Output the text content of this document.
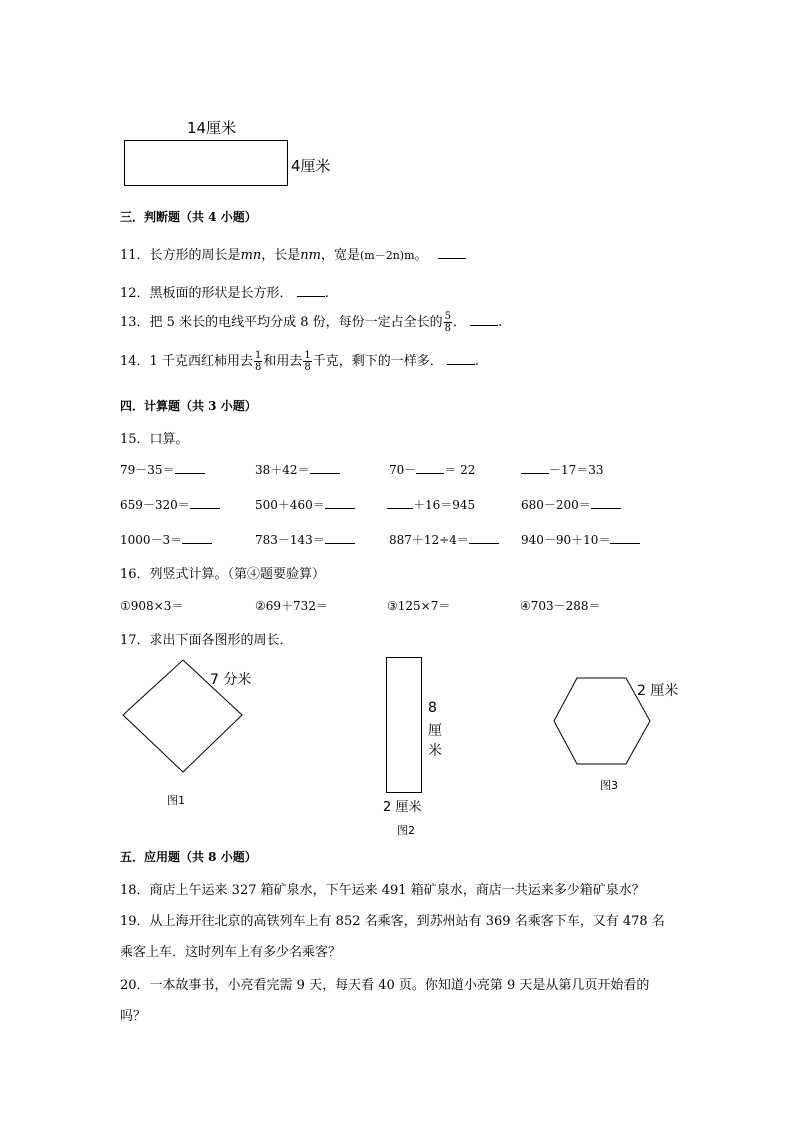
14厘米
4厘米
三．判断题（共 4 小题）
11．长方形的周长是mn，长是nm，宽是(m－2n)m。
12．黑板面的形状是长方形． .
13．把 5 米长的电线平均分成 8 份，每份一定占全长的 $\frac{5}{8}$ ． .
14．1 千克西红柿用去 $\frac{1}{8}$ 和用去 $\frac{1}{8}$ 千克，剩下的一样多． .
四．计算题（共 3 小题）
15．口算。
79－35＝	38＋42＝	70－ ＝ 22	－17＝33
659－320＝	500＋460＝	＋16＝945	680－200＝
1000－3＝	783－143＝	887＋12÷4＝	940－90＋10＝
16．列竖式计算。（第④题要验算）
①908×3＝	②69＋732＝	③125×7＝	④703－288＝
17．求出下面各图形的周长．
7 分米
图1
8
厘
米
2 厘米
图2
2 厘米
图3
五．应用题（共 8 小题）
18．商店上午运来 327 箱矿泉水，下午运来 491 箱矿泉水，商店一共运来多少箱矿泉水？
19．从上海开往北京的高铁列车上有 852 名乘客，到苏州站有 369 名乘客下车，又有 478 名
乘客上车．这时列车上有多少名乘客？
20．一本故事书，小亮看完需 9 天，每天看 40 页。你知道小亮第 9 天是从第几页开始看的
吗？
